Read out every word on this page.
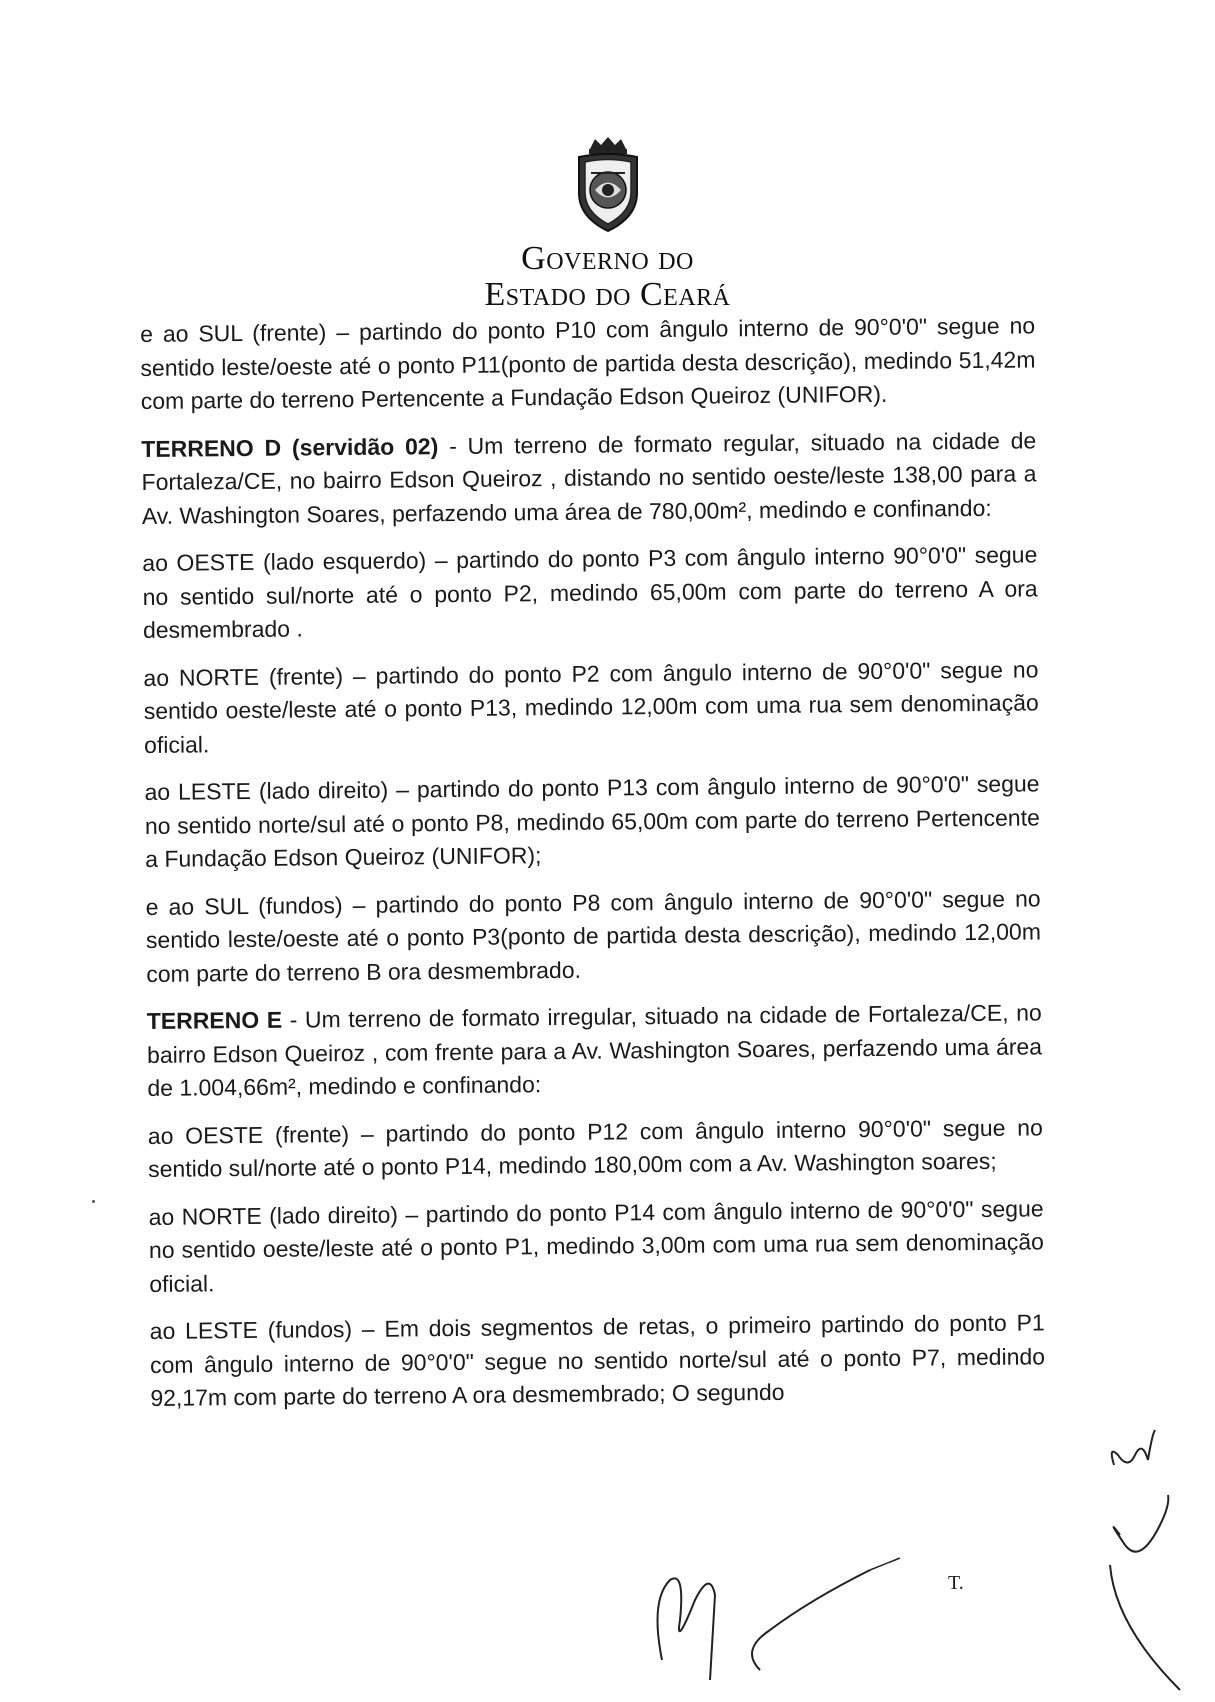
Governo do
Estado do Ceará

e ao SUL (frente) – partindo do ponto P10 com ângulo interno de 90°0'0" segue no sentido leste/oeste até o ponto P11(ponto de partida desta descrição), medindo 51,42m com parte do terreno Pertencente a Fundação Edson Queiroz (UNIFOR).

TERRENO D (servidão 02) - Um terreno de formato regular, situado na cidade de Fortaleza/CE, no bairro Edson Queiroz , distando no sentido oeste/leste 138,00 para a Av. Washington Soares, perfazendo uma área de 780,00m², medindo e confinando:

ao OESTE (lado esquerdo) – partindo do ponto P3 com ângulo interno 90°0'0" segue no sentido sul/norte até o ponto P2, medindo 65,00m com parte do terreno A ora desmembrado .

ao NORTE (frente) – partindo do ponto P2 com ângulo interno de 90°0'0" segue no sentido oeste/leste até o ponto P13, medindo 12,00m com uma rua sem denominação oficial.

ao LESTE (lado direito) – partindo do ponto P13 com ângulo interno de 90°0'0" segue no sentido norte/sul até o ponto P8, medindo 65,00m com parte do terreno Pertencente a Fundação Edson Queiroz (UNIFOR);

e ao SUL (fundos) – partindo do ponto P8 com ângulo interno de 90°0'0" segue no sentido leste/oeste até o ponto P3(ponto de partida desta descrição), medindo 12,00m com parte do terreno B ora desmembrado.

TERRENO E - Um terreno de formato irregular, situado na cidade de Fortaleza/CE, no bairro Edson Queiroz , com frente para a Av. Washington Soares, perfazendo uma área de 1.004,66m², medindo e confinando:

ao OESTE (frente) – partindo do ponto P12 com ângulo interno 90°0'0" segue no sentido sul/norte até o ponto P14, medindo 180,00m com a Av. Washington soares;

ao NORTE (lado direito) – partindo do ponto P14 com ângulo interno de 90°0'0" segue no sentido oeste/leste até o ponto P1, medindo 3,00m com uma rua sem denominação oficial.

ao LESTE (fundos) – Em dois segmentos de retas, o primeiro partindo do ponto P1 com ângulo interno de 90°0'0" segue no sentido norte/sul até o ponto P7, medindo 92,17m com parte do terreno A ora desmembrado; O segundo

T.
